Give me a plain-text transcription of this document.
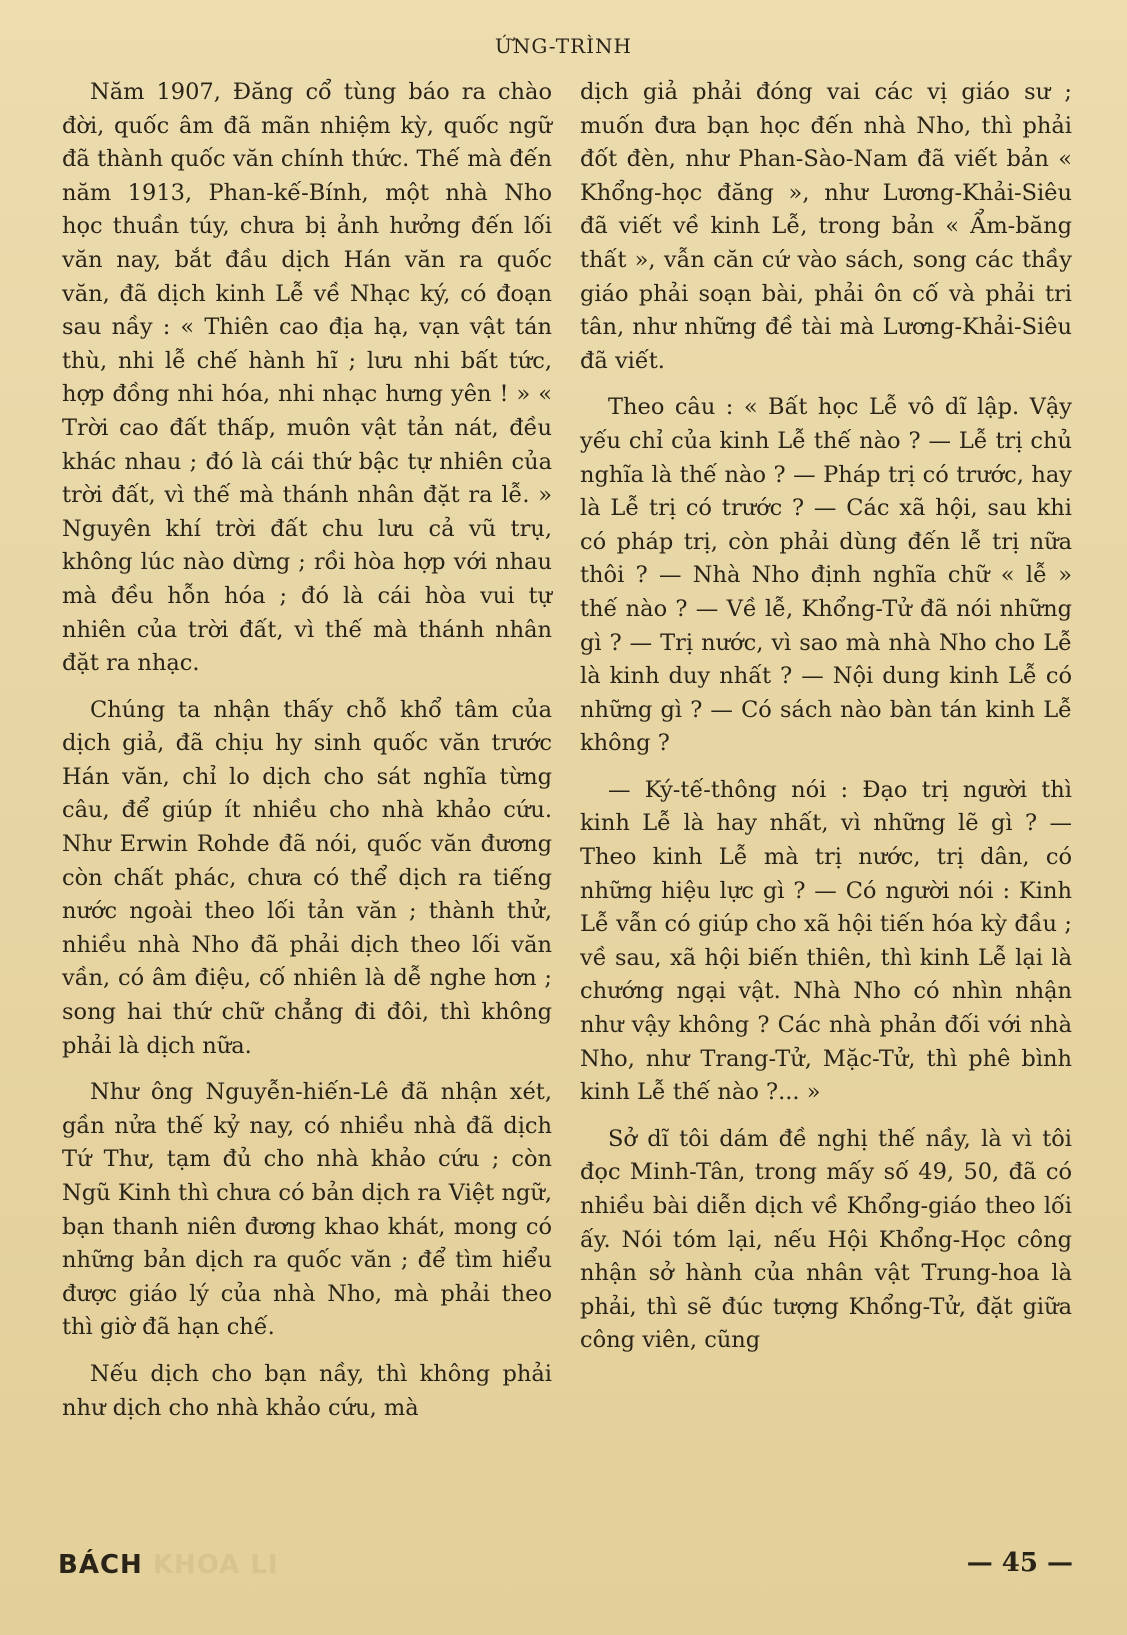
ỨNG-TRÌNH

Năm 1907, Đăng cổ tùng báo ra chào đời, quốc âm đã mãn nhiệm kỳ, quốc ngữ đã thành quốc văn chính thức. Thế mà đến năm 1913, Phan-kế-Bính, một nhà Nho học thuần túy, chưa bị ảnh hưởng đến lối văn nay, bắt đầu dịch Hán văn ra quốc văn, đã dịch kinh Lễ về Nhạc ký, có đoạn sau nầy : « Thiên cao địa hạ, vạn vật tán thù, nhi lễ chế hành hĩ ; lưu nhi bất tức, hợp đồng nhi hóa, nhi nhạc hưng yên ! » « Trời cao đất thấp, muôn vật tản nát, đều khác nhau ; đó là cái thứ bậc tự nhiên của trời đất, vì thế mà thánh nhân đặt ra lễ. » Nguyên khí trời đất chu lưu cả vũ trụ, không lúc nào dừng ; rồi hòa hợp với nhau mà đều hỗn hóa ; đó là cái hòa vui tự nhiên của trời đất, vì thế mà thánh nhân đặt ra nhạc.

Chúng ta nhận thấy chỗ khổ tâm của dịch giả, đã chịu hy sinh quốc văn trước Hán văn, chỉ lo dịch cho sát nghĩa từng câu, để giúp ít nhiều cho nhà khảo cứu. Như Erwin Rohde đã nói, quốc văn đương còn chất phác, chưa có thể dịch ra tiếng nước ngoài theo lối tản văn ; thành thử, nhiều nhà Nho đã phải dịch theo lối văn vần, có âm điệu, cố nhiên là dễ nghe hơn ; song hai thứ chữ chẳng đi đôi, thì không phải là dịch nữa.

Như ông Nguyễn-hiến-Lê đã nhận xét, gần nửa thế kỷ nay, có nhiều nhà đã dịch Tứ Thư, tạm đủ cho nhà khảo cứu ; còn Ngũ Kinh thì chưa có bản dịch ra Việt ngữ, bạn thanh niên đương khao khát, mong có những bản dịch ra quốc văn ; để tìm hiểu được giáo lý của nhà Nho, mà phải theo thì giờ đã hạn chế.

Nếu dịch cho bạn nầy, thì không phải như dịch cho nhà khảo cứu, mà

dịch giả phải đóng vai các vị giáo sư ; muốn đưa bạn học đến nhà Nho, thì phải đốt đèn, như Phan-Sào-Nam đã viết bản « Khổng-học đăng », như Lương-Khải-Siêu đã viết về kinh Lễ, trong bản « Ẩm-băng thất », vẫn căn cứ vào sách, song các thầy giáo phải soạn bài, phải ôn cố và phải tri tân, như những đề tài mà Lương-Khải-Siêu đã viết.

Theo câu : « Bất học Lễ vô dĩ lập. Vậy yếu chỉ của kinh Lễ thế nào ? — Lễ trị chủ nghĩa là thế nào ? — Pháp trị có trước, hay là Lễ trị có trước ? — Các xã hội, sau khi có pháp trị, còn phải dùng đến lễ trị nữa thôi ? — Nhà Nho định nghĩa chữ « lễ » thế nào ? — Về lễ, Khổng-Tử đã nói những gì ? — Trị nước, vì sao mà nhà Nho cho Lễ là kinh duy nhất ? — Nội dung kinh Lễ có những gì ? — Có sách nào bàn tán kinh Lễ không ?

— Ký-tế-thông nói : Đạo trị người thì kinh Lễ là hay nhất, vì những lẽ gì ? — Theo kinh Lễ mà trị nước, trị dân, có những hiệu lực gì ? — Có người nói : Kinh Lễ vẫn có giúp cho xã hội tiến hóa kỳ đầu ; về sau, xã hội biến thiên, thì kinh Lễ lại là chướng ngại vật. Nhà Nho có nhìn nhận như vậy không ? Các nhà phản đối với nhà Nho, như Trang-Tử, Mặc-Tử, thì phê bình kinh Lễ thế nào ?... »

Sở dĩ tôi dám đề nghị thế nầy, là vì tôi đọc Minh-Tân, trong mấy số 49, 50, đã có nhiều bài diễn dịch về Khổng-giáo theo lối ấy. Nói tóm lại, nếu Hội Khổng-Học công nhận sở hành của nhân vật Trung-hoa là phải, thì sẽ đúc tượng Khổng-Tử, đặt giữa công viên, cũng

BÁCH KHOA LI	— 45 —
